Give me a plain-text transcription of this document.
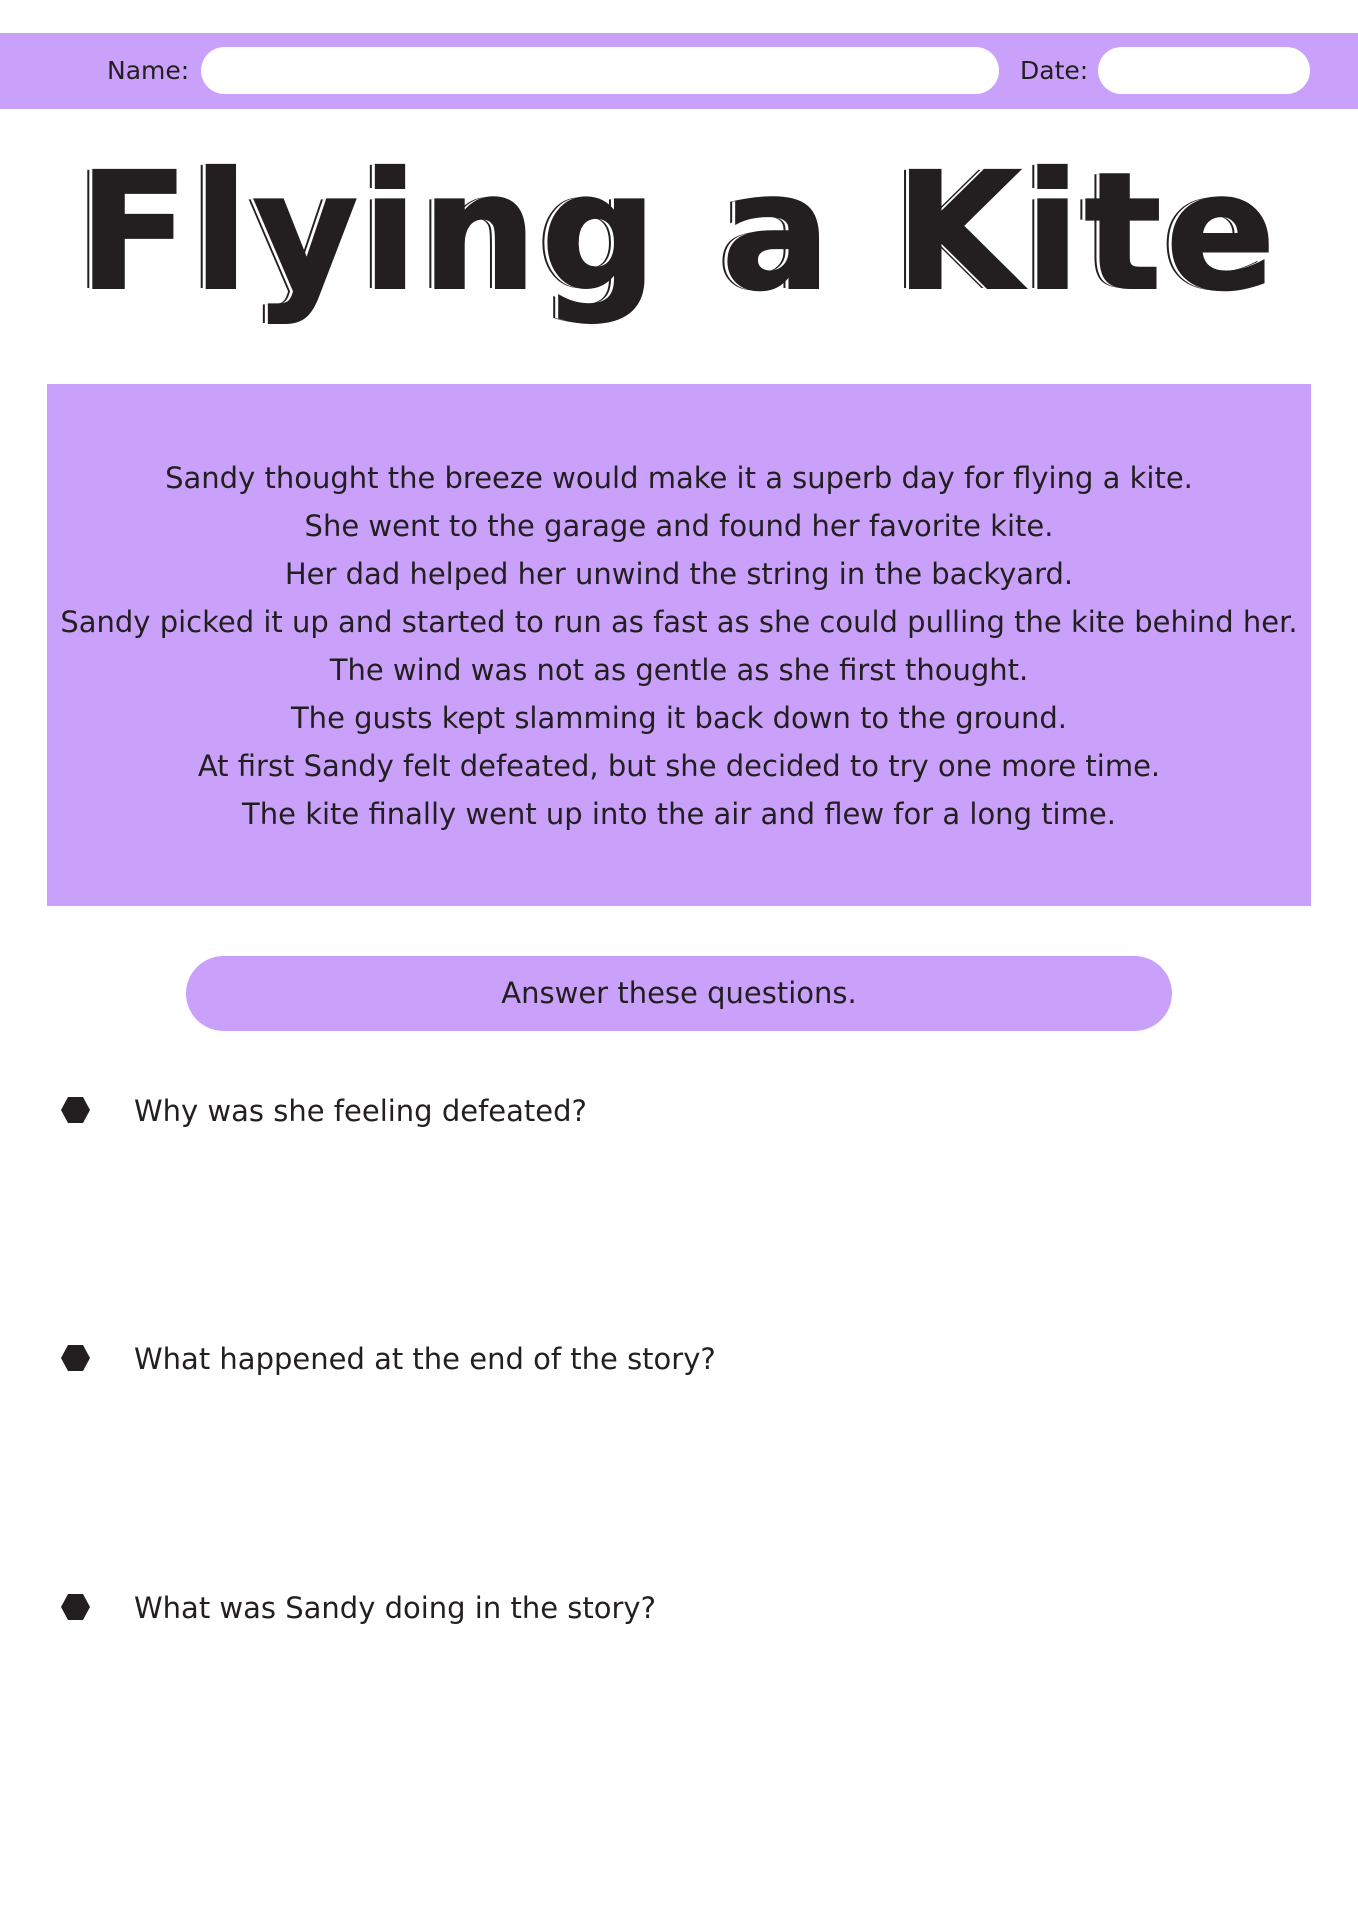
Name:	Date:
Flying a Kite
Sandy thought the breeze would make it a superb day for flying a kite.
She went to the garage and found her favorite kite.
Her dad helped her unwind the string in the backyard.
Sandy picked it up and started to run as fast as she could pulling the kite behind her.
The wind was not as gentle as she first thought.
The gusts kept slamming it back down to the ground.
At first Sandy felt defeated, but she decided to try one more time.
The kite finally went up into the air and flew for a long time.
Answer these questions.
Why was she feeling defeated?
What happened at the end of the story?
What was Sandy doing in the story?
